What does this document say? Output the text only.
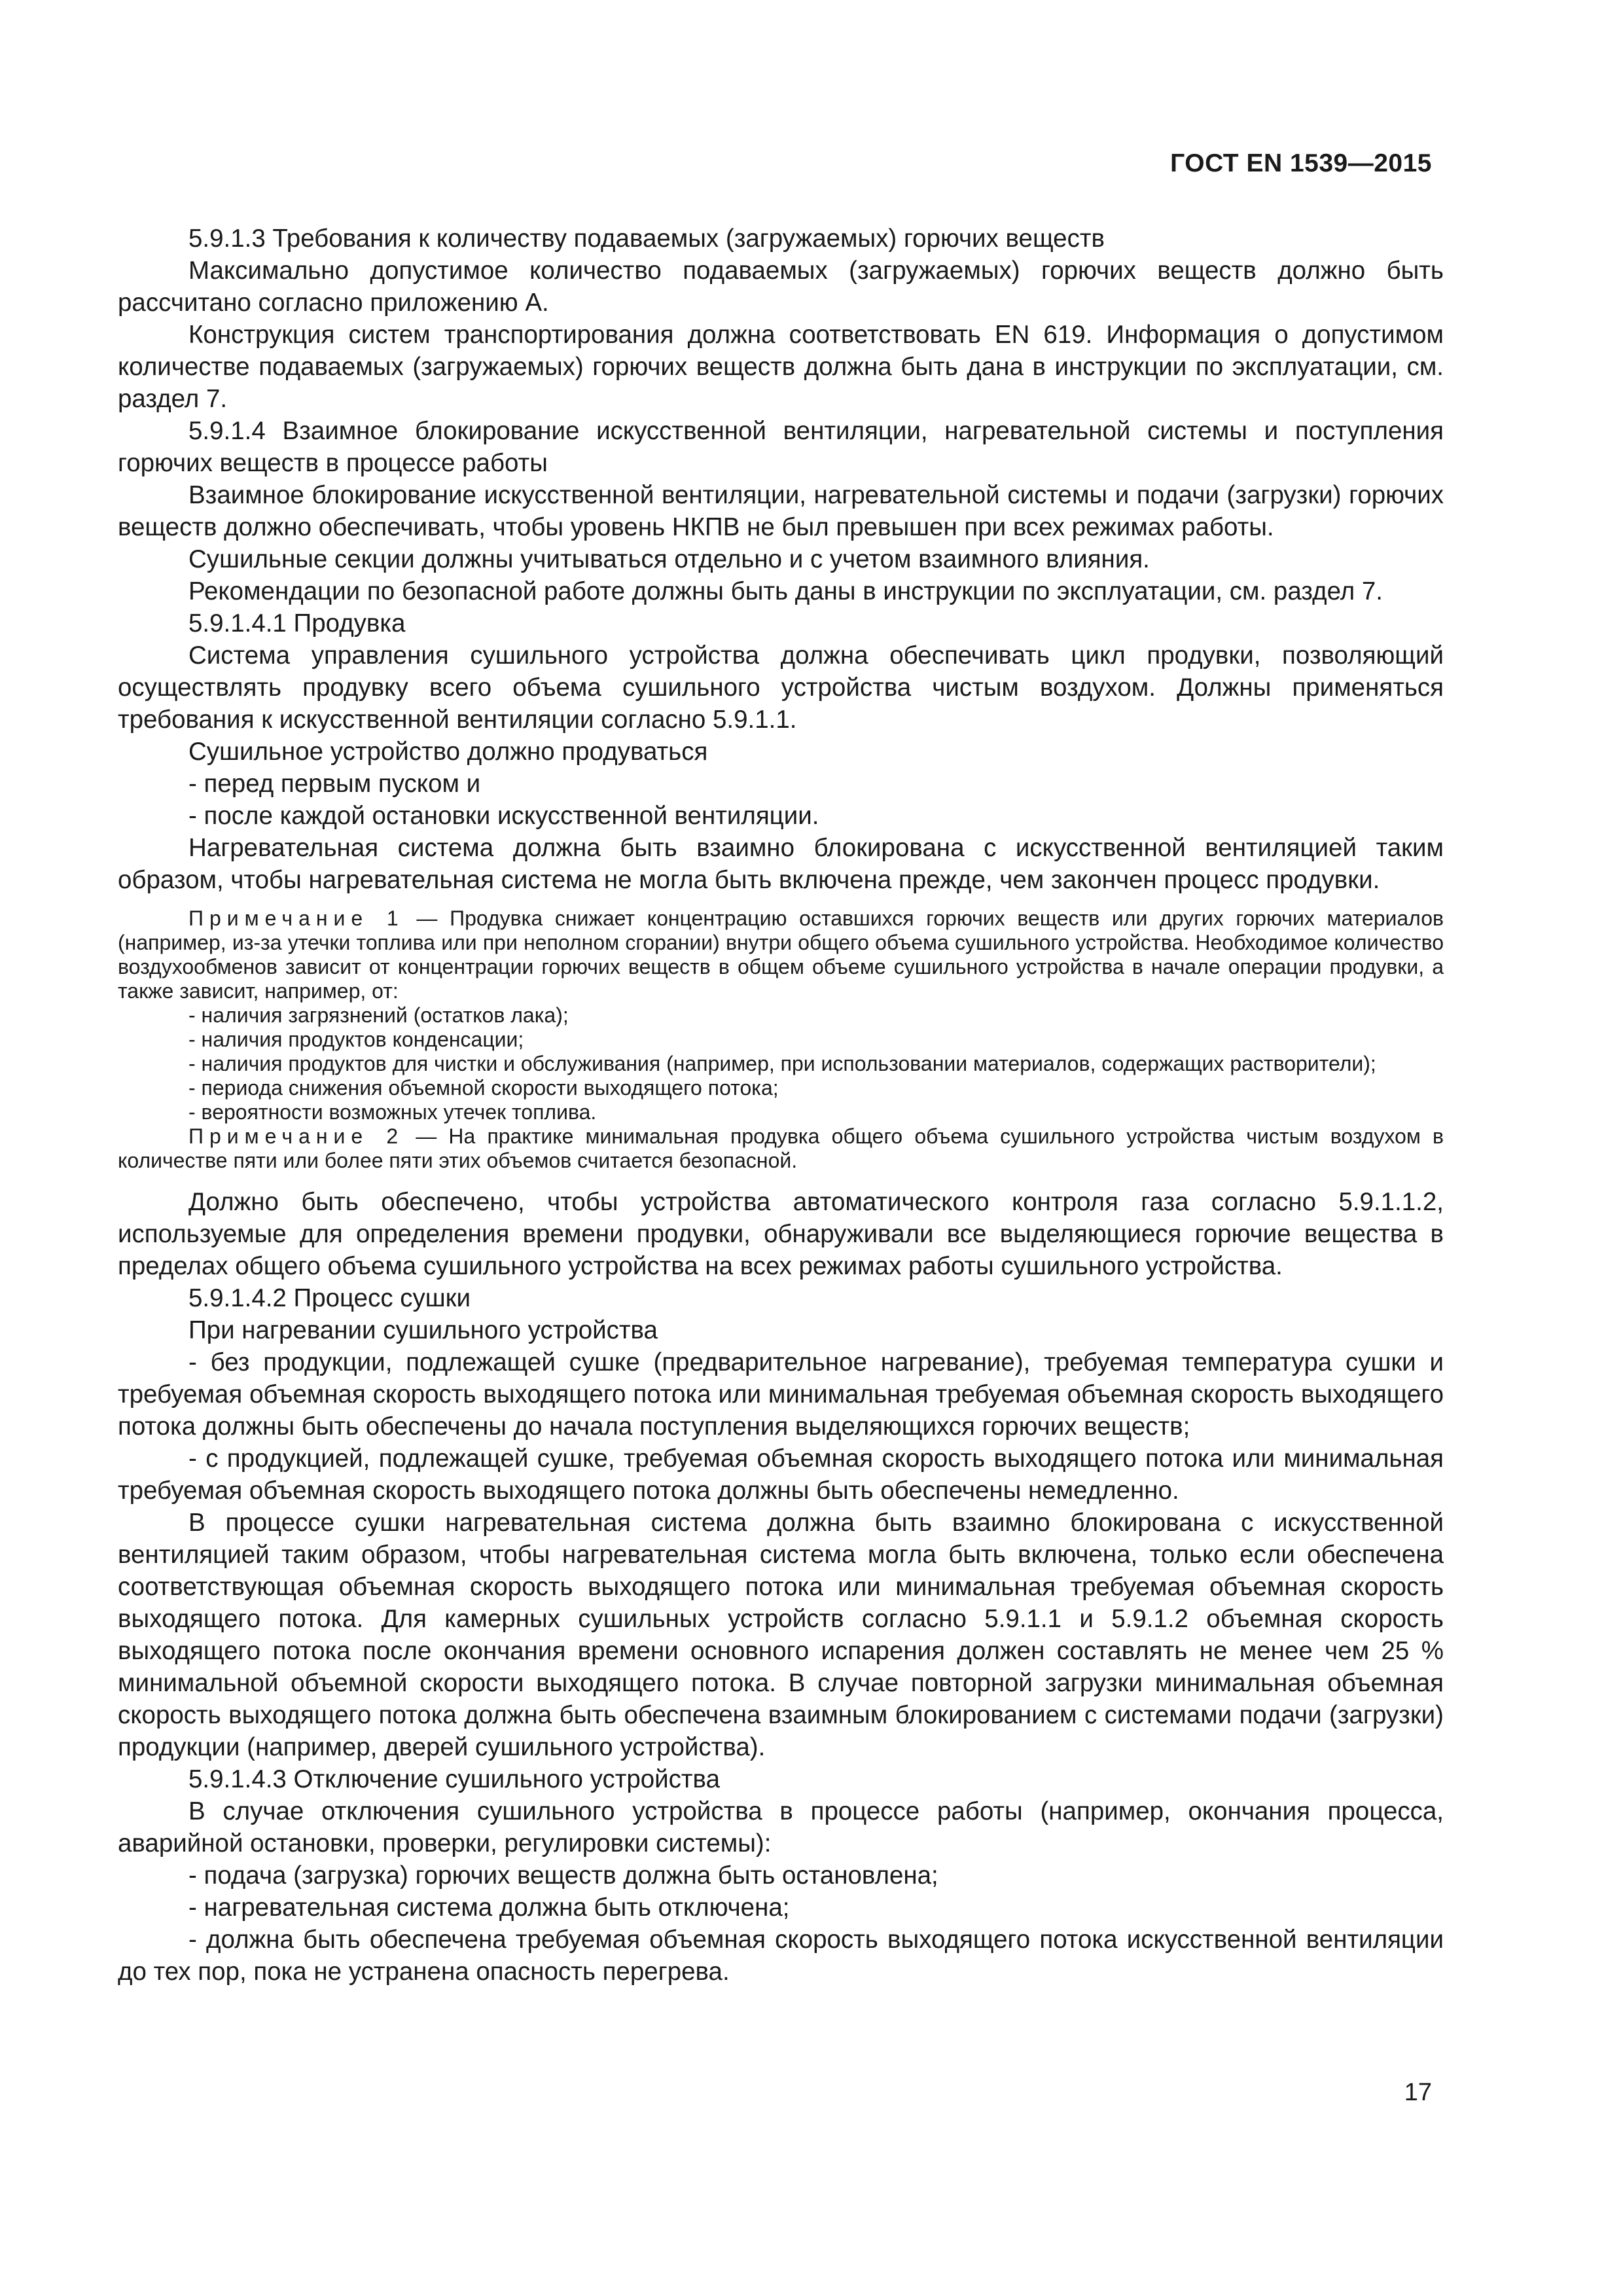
ГОСТ EN 1539—2015

5.9.1.3 Требования к количеству подаваемых (загружаемых) горючих веществ

Максимально допустимое количество подаваемых (загружаемых) горючих веществ должно быть рассчитано согласно приложению А.

Конструкция систем транспортирования должна соответствовать EN 619. Информация о допустимом количестве подаваемых (загружаемых) горючих веществ должна быть дана в инструкции по эксплуатации, см. раздел 7.

5.9.1.4 Взаимное блокирование искусственной вентиляции, нагревательной системы и поступления горючих веществ в процессе работы

Взаимное блокирование искусственной вентиляции, нагревательной системы и подачи (загрузки) горючих веществ должно обеспечивать, чтобы уровень НКПВ не был превышен при всех режимах работы.

Сушильные секции должны учитываться отдельно и с учетом взаимного влияния.

Рекомендации по безопасной работе должны быть даны в инструкции по эксплуатации, см. раздел 7.

5.9.1.4.1 Продувка

Система управления сушильного устройства должна обеспечивать цикл продувки, позволяющий осуществлять продувку всего объема сушильного устройства чистым воздухом. Должны применяться требования к искусственной вентиляции согласно 5.9.1.1.

Сушильное устройство должно продуваться

- перед первым пуском и

- после каждой остановки искусственной вентиляции.

Нагревательная система должна быть взаимно блокирована с искусственной вентиляцией таким образом, чтобы нагревательная система не могла быть включена прежде, чем закончен процесс продувки.

Примечание 1 — Продувка снижает концентрацию оставшихся горючих веществ или других горючих материалов (например, из-за утечки топлива или при неполном сгорании) внутри общего объема сушильного устройства. Необходимое количество воздухообменов зависит от концентрации горючих веществ в общем объеме сушильного устройства в начале операции продувки, а также зависит, например, от:

- наличия загрязнений (остатков лака);

- наличия продуктов конденсации;

- наличия продуктов для чистки и обслуживания (например, при использовании материалов, содержащих растворители);

- периода снижения объемной скорости выходящего потока;

- вероятности возможных утечек топлива.

Примечание 2 — На практике минимальная продувка общего объема сушильного устройства чистым воздухом в количестве пяти или более пяти этих объемов считается безопасной.

Должно быть обеспечено, чтобы устройства автоматического контроля газа согласно 5.9.1.1.2, используемые для определения времени продувки, обнаруживали все выделяющиеся горючие вещества в пределах общего объема сушильного устройства на всех режимах работы сушильного устройства.

5.9.1.4.2 Процесс сушки

При нагревании сушильного устройства

- без продукции, подлежащей сушке (предварительное нагревание), требуемая температура сушки и требуемая объемная скорость выходящего потока или минимальная требуемая объемная скорость выходящего потока должны быть обеспечены до начала поступления выделяющихся горючих веществ;

- с продукцией, подлежащей сушке, требуемая объемная скорость выходящего потока или минимальная требуемая объемная скорость выходящего потока должны быть обеспечены немедленно.

В процессе сушки нагревательная система должна быть взаимно блокирована с искусственной вентиляцией таким образом, чтобы нагревательная система могла быть включена, только если обеспечена соответствующая объемная скорость выходящего потока или минимальная требуемая объемная скорость выходящего потока. Для камерных сушильных устройств согласно 5.9.1.1 и 5.9.1.2 объемная скорость выходящего потока после окончания времени основного испарения должен составлять не менее чем 25 % минимальной объемной скорости выходящего потока. В случае повторной загрузки минимальная объемная скорость выходящего потока должна быть обеспечена взаимным блокированием с системами подачи (загрузки) продукции (например, дверей сушильного устройства).

5.9.1.4.3 Отключение сушильного устройства

В случае отключения сушильного устройства в процессе работы (например, окончания процесса, аварийной остановки, проверки, регулировки системы):

- подача (загрузка) горючих веществ должна быть остановлена;

- нагревательная система должна быть отключена;

- должна быть обеспечена требуемая объемная скорость выходящего потока искусственной вентиляции до тех пор, пока не устранена опасность перегрева.

17
